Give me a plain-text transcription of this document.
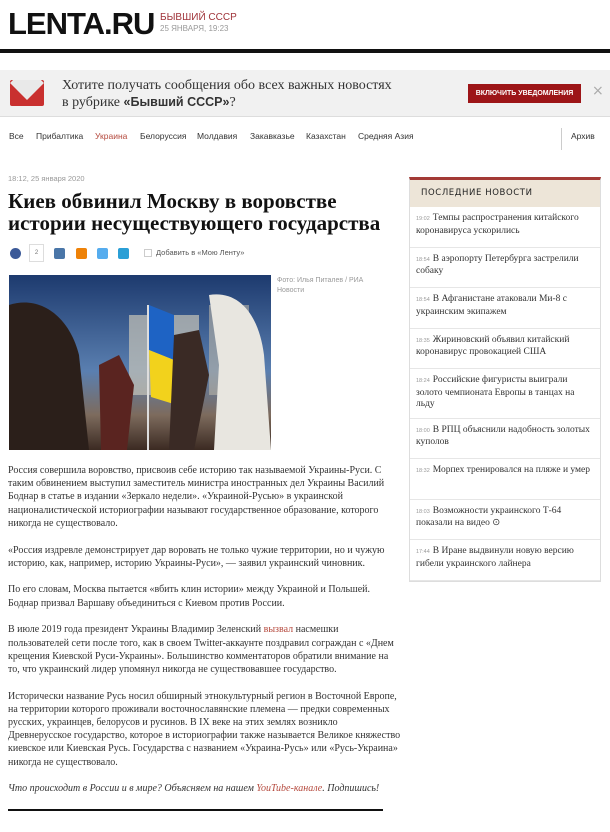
LENTA.RU БЫВШИЙ СССР
25 ЯНВАРЯ, 19:23
Хотите получать сообщения обо всех важных новостях
в рубрике «Бывший СССР»?
ВКЛЮЧИТЬ УВЕДОМЛЕНИЯ	×
Все Прибалтика Украина Белоруссия Молдавия Закавказье Казахстан Средняя Азия	Архив
18:12, 25 января 2020
Киев обвинил Москву в воровстве истории несуществующего государства
2	Добавить в «Мою Ленту»
Фото: Илья Питалев / РИА Новости

Россия совершила воровство, присвоив себе историю так называемой Украины-Руси. С таким обвинением выступил заместитель министра иностранных дел Украины Василий Боднар в статье в издании «Зеркало недели». «Украиной-Русью» в украинской националистической историографии называют государственное образование, которого никогда не существовало.

«Россия издревле демонстрирует дар воровать не только чужие территории, но и чужую историю, как, например, историю Украины-Руси», — заявил украинский чиновник.

По его словам, Москва пытается «вбить клин истории» между Украиной и Польшей. Боднар призвал Варшаву объединиться с Киевом против России.

В июле 2019 года президент Украины Владимир Зеленский вызвал насмешки пользователей сети после того, как в своем Twitter-аккаунте поздравил сограждан с «Днем крещения Киевской Руси-Украины». Большинство комментаторов обратили внимание на то, что украинский лидер упомянул никогда не существовавшее государство.

Исторически название Русь носил обширный этнокультурный регион в Восточной Европе, на территории которого проживали восточнославянские племена — предки современных русских, украинцев, белорусов и русинов. В IX веке на этих землях возникло Древнерусское государство, которое в историографии также называется Великое княжество киевское или Киевская Русь. Государства с названием «Украина-Русь» или «Русь-Украина» никогда не существовало.

Что происходит в России и в мире? Объясняем на нашем YouTube-канале. Подпишись!

ПОСЛЕДНИЕ НОВОСТИ
19:02 Темпы распространения китайского коронавируса ускорились
18:54 В аэропорту Петербурга застрелили собаку
18:54 В Афганистане атаковали Ми-8 с украинским экипажем
18:35 Жириновский объявил китайский коронавирус провокацией США
18:24 Российские фигуристы выиграли золото чемпионата Европы в танцах на льду
18:00 В РПЦ объяснили надобность золотых куполов
18:32 Морпех тренировался на пляже и умер
18:03 Возможности украинского Т-64 показали на видео ⊙
17:44 В Иране выдвинули новую версию гибели украинского лайнера
